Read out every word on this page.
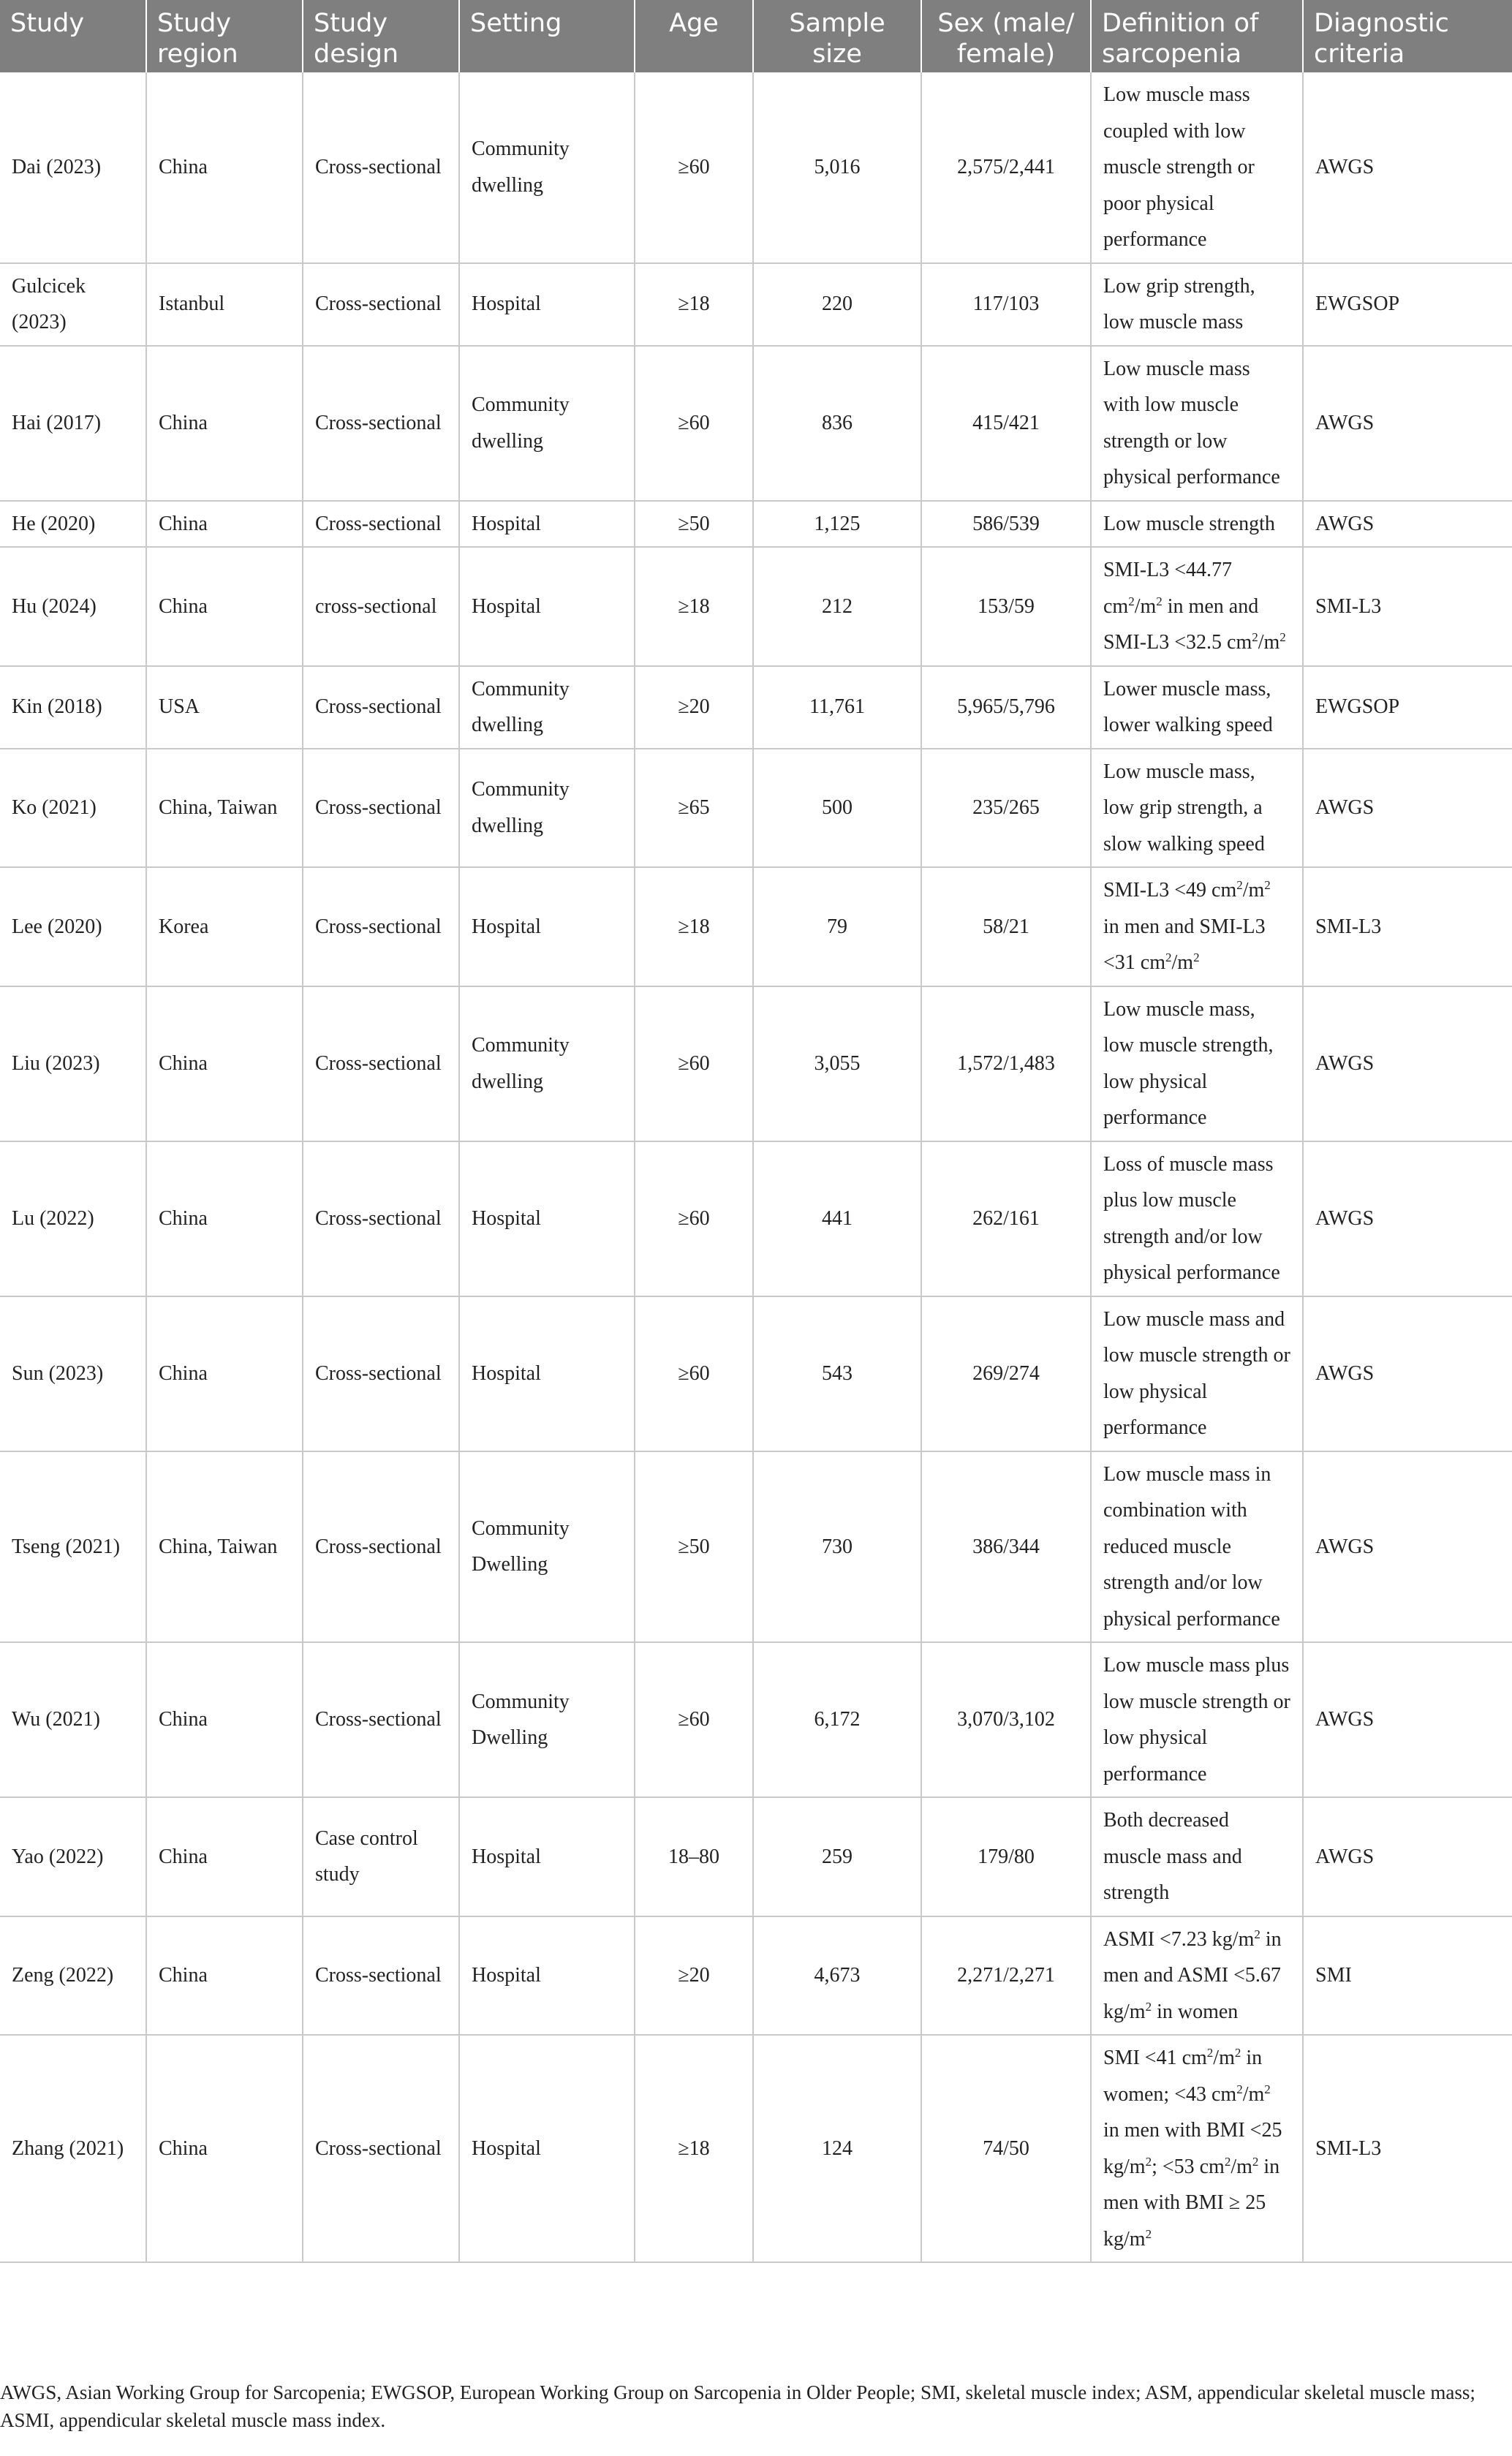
Study	Study region	Study design	Setting	Age	Sample size	Sex (male/ female)	Definition of sarcopenia	Diagnostic criteria
Dai (2023)	China	Cross-sectional	Community dwelling	≥60	5,016	2,575/2,441	Low muscle mass coupled with low muscle strength or poor physical performance	AWGS
Gulcicek (2023)	Istanbul	Cross-sectional	Hospital	≥18	220	117/103	Low grip strength, low muscle mass	EWGSOP
Hai (2017)	China	Cross-sectional	Community dwelling	≥60	836	415/421	Low muscle mass with low muscle strength or low physical performance	AWGS
He (2020)	China	Cross-sectional	Hospital	≥50	1,125	586/539	Low muscle strength	AWGS
Hu (2024)	China	cross-sectional	Hospital	≥18	212	153/59	SMI-L3 <44.77 $cm^2/m^2$ in men and SMI-L3 <32.5 $cm^2/m^2$	SMI-L3
Kin (2018)	USA	Cross-sectional	Community dwelling	≥20	11,761	5,965/5,796	Lower muscle mass, lower walking speed	EWGSOP
Ko (2021)	China, Taiwan	Cross-sectional	Community dwelling	≥65	500	235/265	Low muscle mass, low grip strength, a slow walking speed	AWGS
Lee (2020)	Korea	Cross-sectional	Hospital	≥18	79	58/21	SMI-L3 <49 $cm^2/m^2$ in men and SMI-L3 <31 $cm^2/m^2$	SMI-L3
Liu (2023)	China	Cross-sectional	Community dwelling	≥60	3,055	1,572/1,483	Low muscle mass, low muscle strength, low physical performance	AWGS
Lu (2022)	China	Cross-sectional	Hospital	≥60	441	262/161	Loss of muscle mass plus low muscle strength and/or low physical performance	AWGS
Sun (2023)	China	Cross-sectional	Hospital	≥60	543	269/274	Low muscle mass and low muscle strength or low physical performance	AWGS
Tseng (2021)	China, Taiwan	Cross-sectional	Community Dwelling	≥50	730	386/344	Low muscle mass in combination with reduced muscle strength and/or low physical performance	AWGS
Wu (2021)	China	Cross-sectional	Community Dwelling	≥60	6,172	3,070/3,102	Low muscle mass plus low muscle strength or low physical performance	AWGS
Yao (2022)	China	Case control study	Hospital	18–80	259	179/80	Both decreased muscle mass and strength	AWGS
Zeng (2022)	China	Cross-sectional	Hospital	≥20	4,673	2,271/2,271	ASMI <7.23 $kg/m^2$ in men and ASMI <5.67 $kg/m^2$ in women	SMI
Zhang (2021)	China	Cross-sectional	Hospital	≥18	124	74/50	SMI <41 $cm^2/m^2$ in women; <43 $cm^2/m^2$ in men with BMI <25 $kg/m^2$; <53 $cm^2/m^2$ in men with BMI ≥ 25 $kg/m^2$	SMI-L3
AWGS, Asian Working Group for Sarcopenia; EWGSOP, European Working Group on Sarcopenia in Older People; SMI, skeletal muscle index; ASM, appendicular skeletal muscle mass; ASMI, appendicular skeletal muscle mass index.
